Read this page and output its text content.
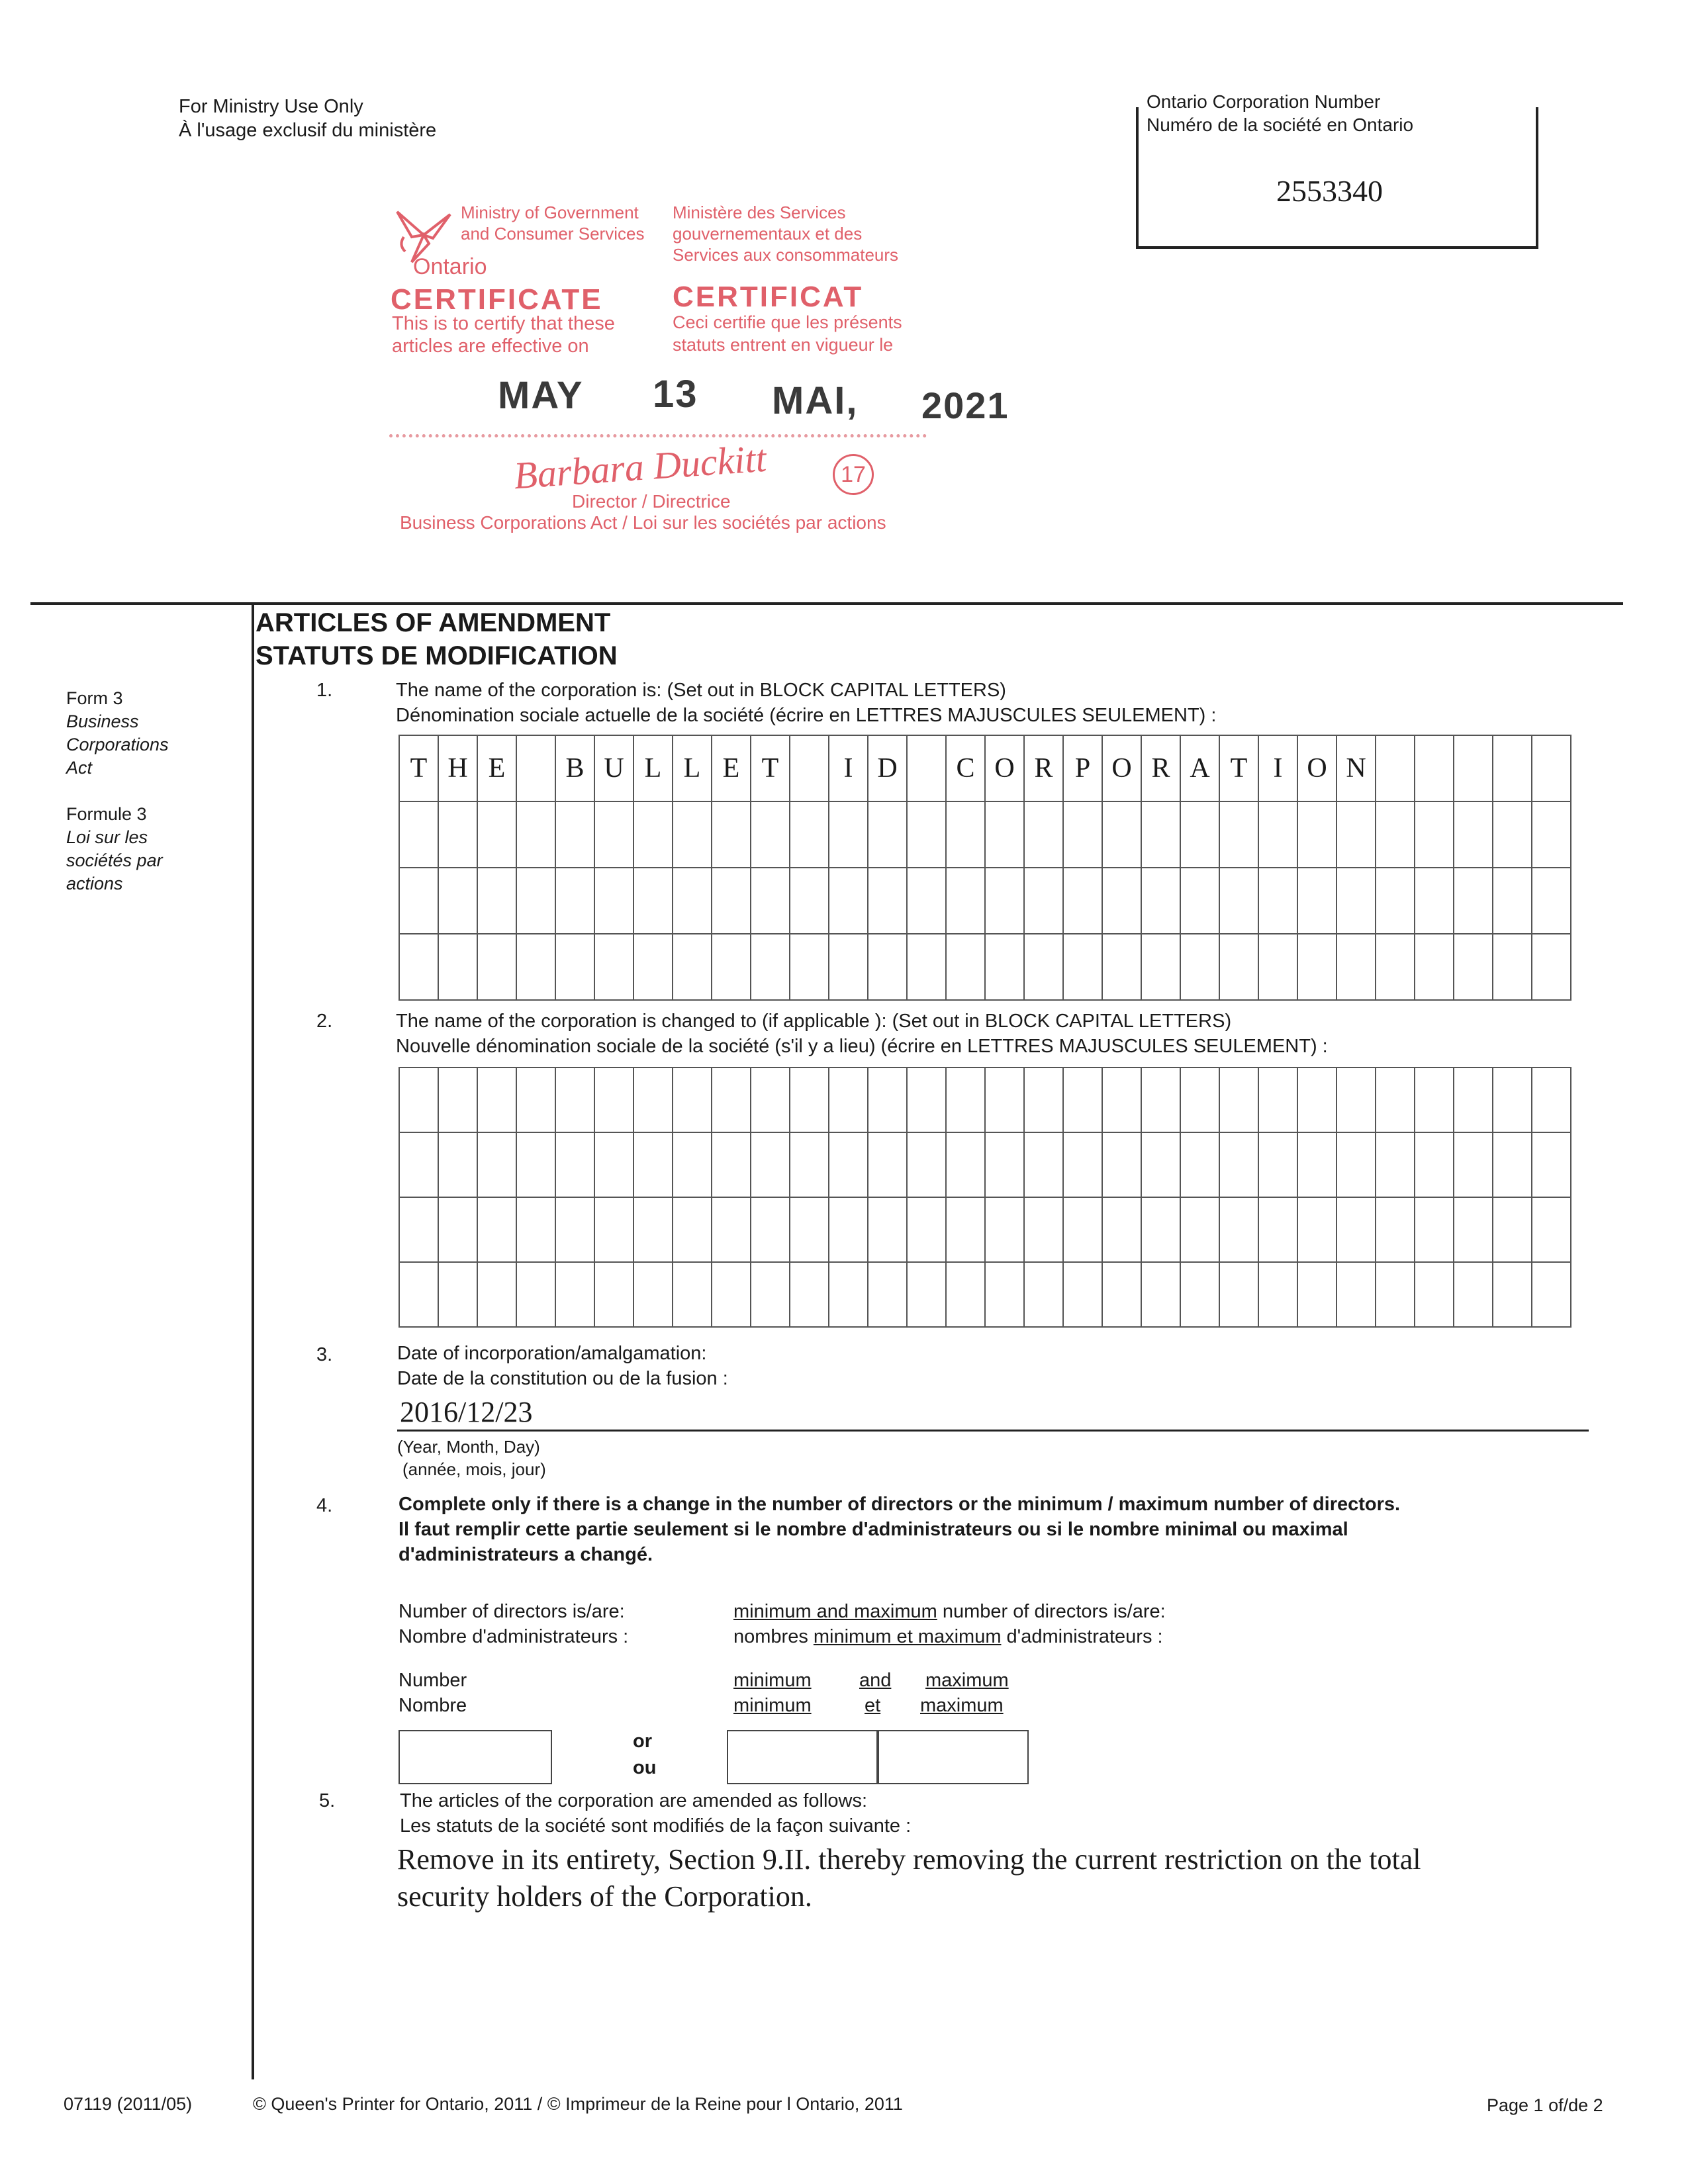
For Ministry Use Only
À l'usage exclusif du ministère
Ontario Corporation Number
Numéro de la société en Ontario
2553340
Ministry of Government
and Consumer Services
Ontario
Ministère des Services
gouvernementaux et des
Services aux consommateurs
CERTIFICATE CERTIFICAT
This is to certify that these
articles are effective on
Ceci certifie que les présents
statuts entrent en vigueur le
MAY 13 MAI, 2021
Barbara Duckitt	17
Director / Directrice
Business Corporations Act / Loi sur les sociétés par actions
Form 3
Business
Corporations
Act
Formule 3
Loi sur les
sociétés par
actions
ARTICLES OF AMENDMENT
STATUTS DE MODIFICATION
1.	The name of the corporation is: (Set out in BLOCK CAPITAL LETTERS)
Dénomination sociale actuelle de la société (écrire en LETTRES MAJUSCULES SEULEMENT) :
T	H	E		B	U	L	L	E	T		I	D		C	O	R	P	O	R	A	T	I	O	N					

2.	The name of the corporation is changed to (if applicable ): (Set out in BLOCK CAPITAL LETTERS)
Nouvelle dénomination sociale de la société (s'il y a lieu) (écrire en LETTRES MAJUSCULES SEULEMENT) :

3.	Date of incorporation/amalgamation:
Date de la constitution ou de la fusion :
2016/12/23
(Year, Month, Day)
(année, mois, jour)
4.	Complete only if there is a change in the number of directors or the minimum / maximum number of directors.
Il faut remplir cette partie seulement si le nombre d'administrateurs ou si le nombre minimal ou maximal
d'administrateurs a changé.
Number of directors is/are:
Nombre d'administrateurs :
minimum and maximum number of directors is/are:
nombres minimum et maximum d'administrateurs :
Number
Nombre
minimum and maximum
minimum	et maximum
or
ou
5.	The articles of the corporation are amended as follows:
Les statuts de la société sont modifiés de la façon suivante :
Remove in its entirety, Section 9.II. thereby removing the current restriction on the total
security holders of the Corporation.
07119 (2011/05)	© Queen's Printer for Ontario, 2011 / © Imprimeur de la Reine pour l Ontario, 2011	Page 1 of/de 2
